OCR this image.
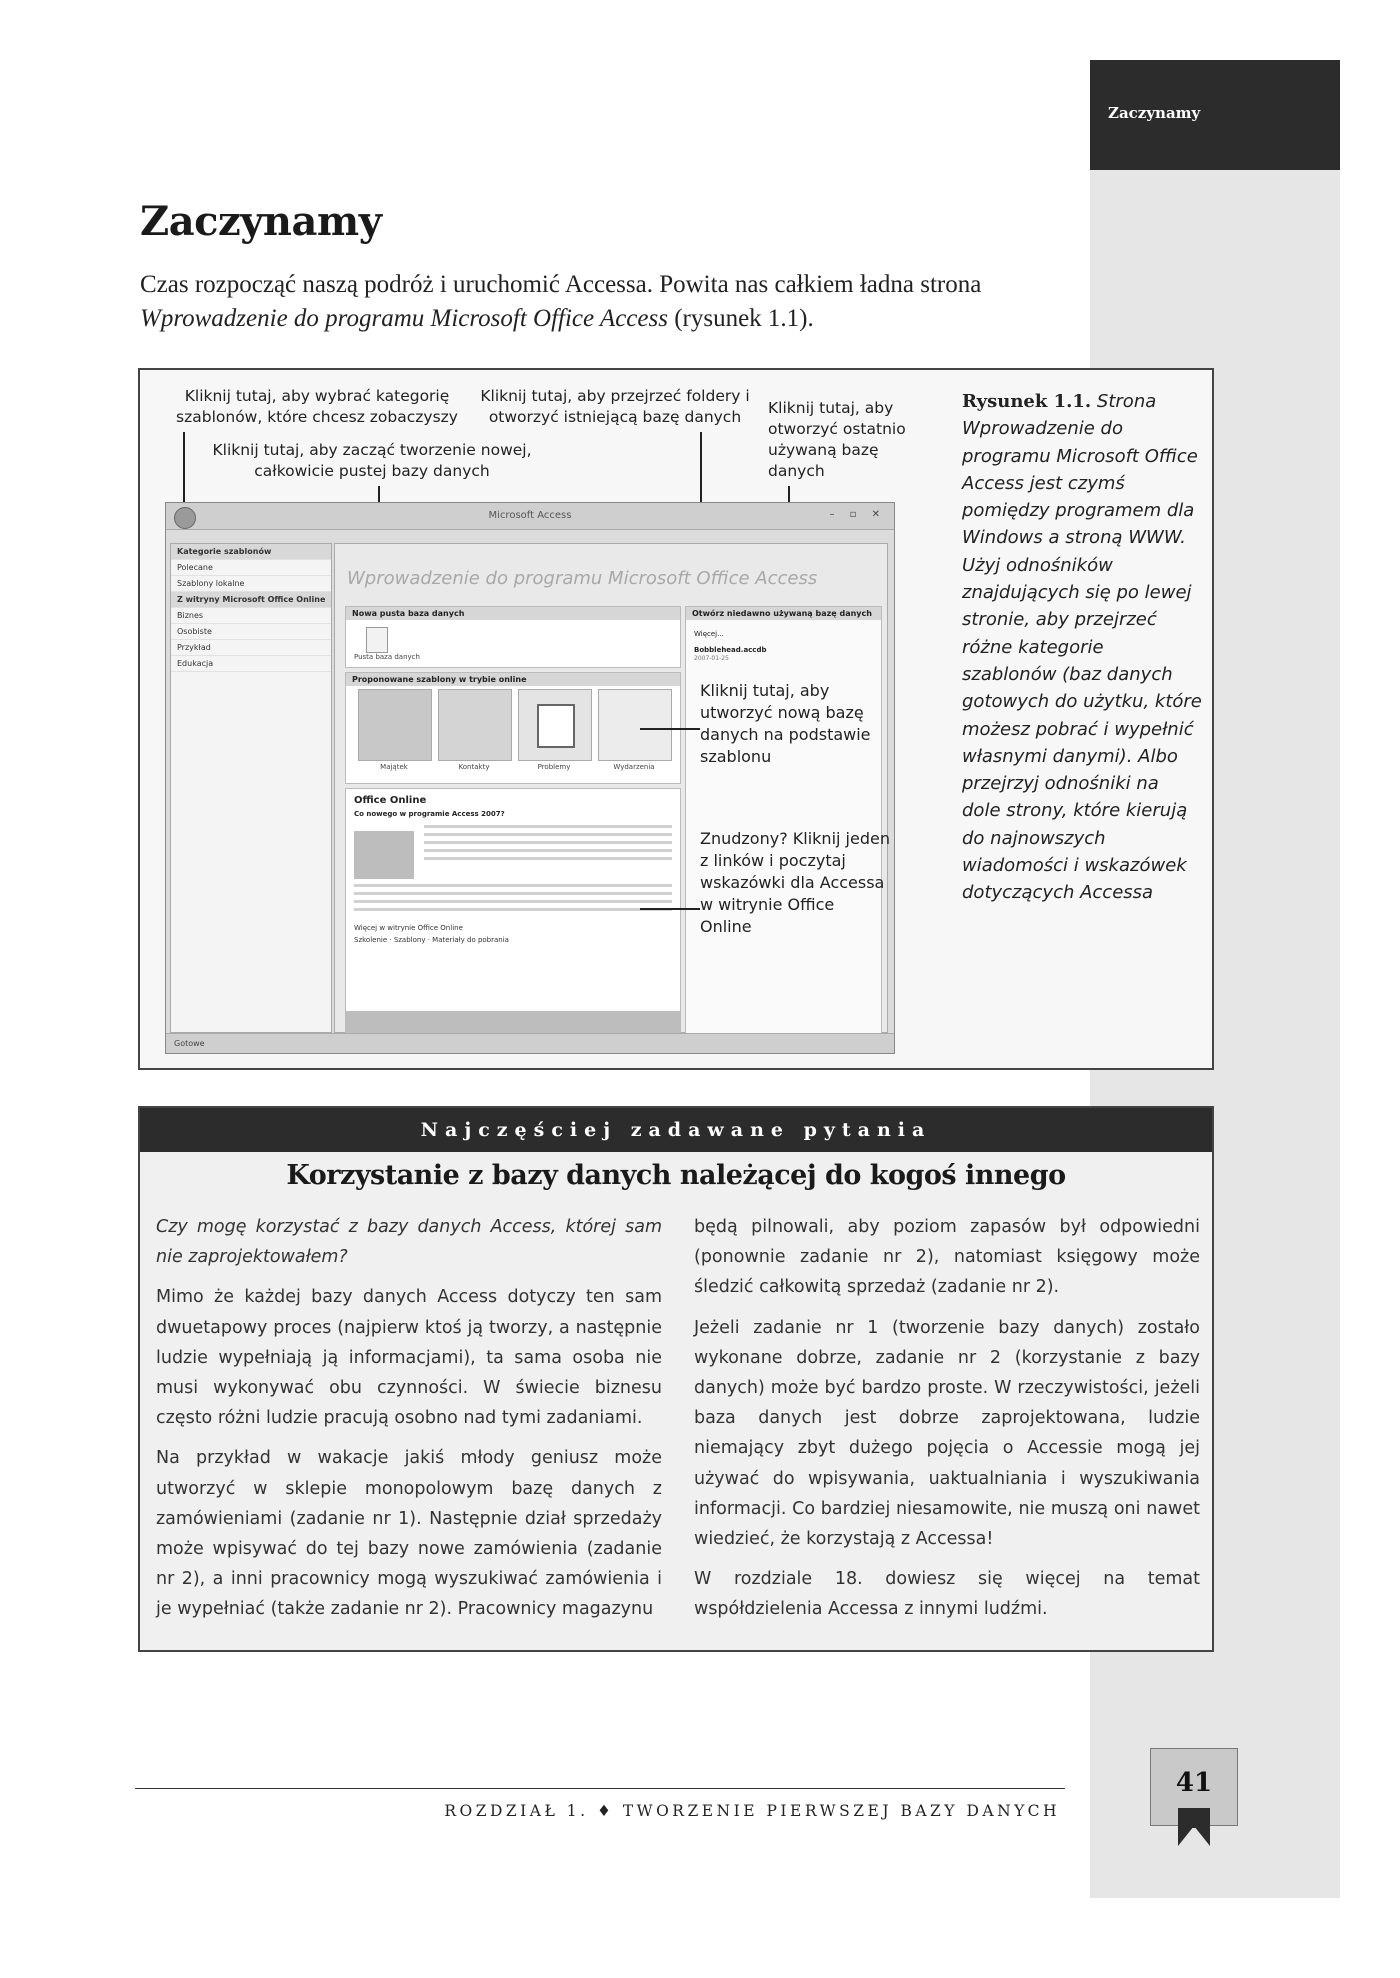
Zaczynamy
Zaczynamy

Czas rozpocząć naszą podróż i uruchomić Accessa. Powita nas całkiem ładna strona Wprowadzenie do programu Microsoft Office Access (rysunek 1.1).

Kliknij tutaj, aby wybrać kategorię szablonów, które chcesz zobaczyszy
Kliknij tutaj, aby przejrzeć foldery i otworzyć istniejącą bazę danych
Kliknij tutaj, aby zacząć tworzenie nowej, całkowicie pustej bazy danych
Kliknij tutaj, aby otworzyć ostatnio używaną bazę danych
Microsoft Access	– ▫ ✕
Kategorie szablonów
Polecane
Szablony lokalne
Z witryny Microsoft Office Online
Biznes
Osobiste
Przykład
Edukacja
Wprowadzenie do programu Microsoft Office Access
Nowa pusta baza danych
Pusta baza danych
Proponowane szablony w trybie online
Majątek	Kontakty	Problemy	Wydarzenia
Office Online
Co nowego w programie Access 2007?
Więcej w witrynie Office Online
Szkolenie · Szablony · Materiały do pobrania
Otwórz niedawno używaną bazę danych
Więcej...
Bobblehead.accdb
2007-01-25
Gotowe
Kliknij tutaj, aby utworzyć nową bazę danych na podstawie szablonu
Znudzony? Kliknij jeden z linków i poczytaj wskazówki dla Accessa w witrynie Office Online
Rysunek 1.1. Strona Wprowadzenie do programu Microsoft Office Access jest czymś pomiędzy programem dla Windows a stroną WWW. Użyj odnośników znajdujących się po lewej stronie, aby przejrzeć różne kategorie szablonów (baz danych gotowych do użytku, które możesz pobrać i wypełnić własnymi danymi). Albo przejrzyj odnośniki na dole strony, które kierują do najnowszych wiadomości i wskazówek dotyczących Accessa
Najczęściej zadawane pytania
Korzystanie z bazy danych należącej do kogoś innego

Czy mogę korzystać z bazy danych Access, której sam nie zaprojektowałem?

Mimo że każdej bazy danych Access dotyczy ten sam dwuetapowy proces (najpierw ktoś ją tworzy, a następnie ludzie wypełniają ją informacjami), ta sama osoba nie musi wykonywać obu czynności. W świecie biznesu często różni ludzie pracują osobno nad tymi zadaniami.

Na przykład w wakacje jakiś młody geniusz może utworzyć w sklepie monopolowym bazę danych z zamówieniami (zadanie nr 1). Następnie dział sprzedaży może wpisywać do tej bazy nowe zamówienia (zadanie nr 2), a inni pracownicy mogą wyszukiwać zamówienia i je wypełniać (także zadanie nr 2). Pracownicy magazynu

będą pilnowali, aby poziom zapasów był odpowiedni (ponownie zadanie nr 2), natomiast księgowy może śledzić całkowitą sprzedaż (zadanie nr 2).

Jeżeli zadanie nr 1 (tworzenie bazy danych) zostało wykonane dobrze, zadanie nr 2 (korzystanie z bazy danych) może być bardzo proste. W rzeczywistości, jeżeli baza danych jest dobrze zaprojektowana, ludzie niemający zbyt dużego pojęcia o Accessie mogą jej używać do wpisywania, uaktualniania i wyszukiwania informacji. Co bardziej niesamowite, nie muszą oni nawet wiedzieć, że korzystają z Accessa!

W rozdziale 18. dowiesz się więcej na temat współdzielenia Accessa z innymi ludźmi.

ROZDZIAŁ 1. ♦ TWORZENIE PIERWSZEJ BAZY DANYCH
41
